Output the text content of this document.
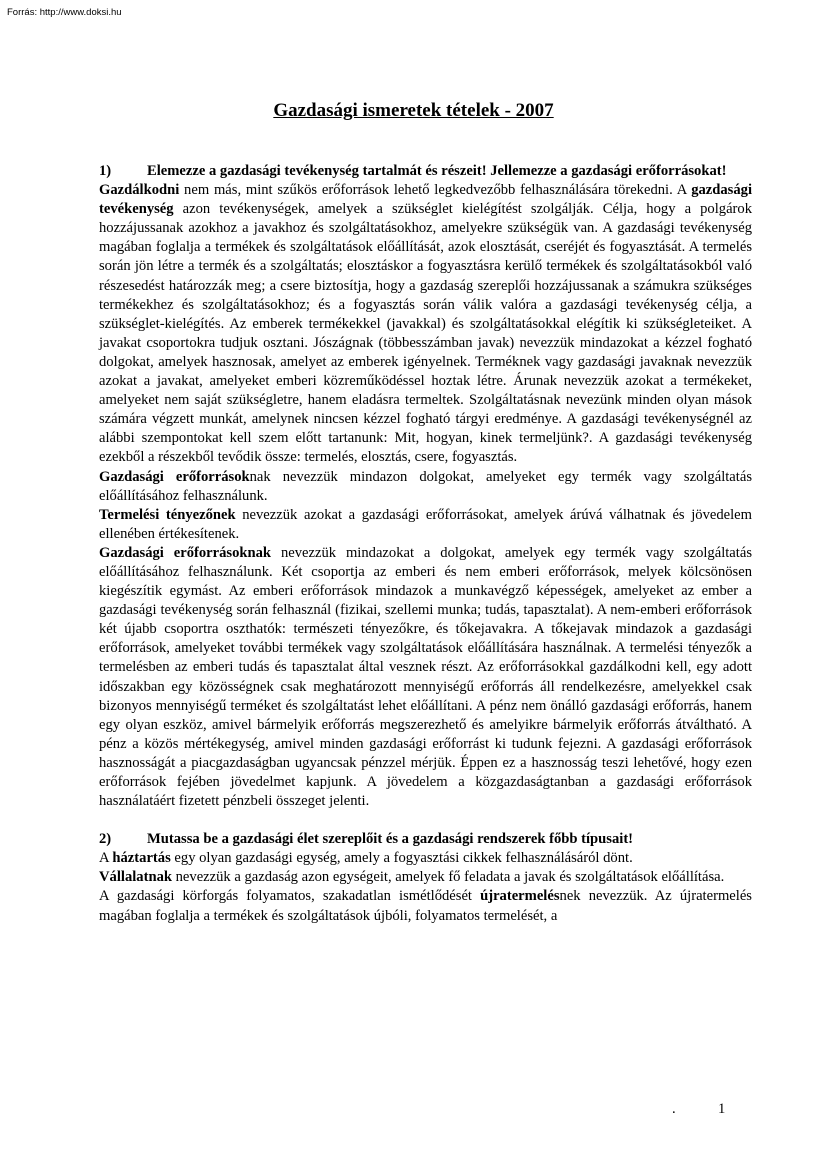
Forrás: http://www.doksi.hu
Gazdasági ismeretek tételek - 2007
1)	Elemezze a gazdasági tevékenység tartalmát és részeit! Jellemezze a gazdasági erőforrásokat!

Gazdálkodni nem más, mint szűkös erőforrások lehető legkedvezőbb felhasználására törekedni. A gazdasági tevékenység azon tevékenységek, amelyek a szükséglet kielégítést szolgálják. Célja, hogy a polgárok hozzájussanak azokhoz a javakhoz és szolgáltatásokhoz, amelyekre szükségük van. A gazdasági tevékenység magában foglalja a termékek és szolgáltatások előállítását, azok elosztását, cseréjét és fogyasztását. A termelés során jön létre a termék és a szolgáltatás; elosztáskor a fogyasztásra kerülő termékek és szolgáltatásokból való részesedést határozzák meg; a csere biztosítja, hogy a gazdaság szereplői hozzájussanak a számukra szükséges termékekhez és szolgáltatásokhoz; és a fogyasztás során válik valóra a gazdasági tevékenység célja, a szükséglet-kielégítés. Az emberek termékekkel (javakkal) és szolgáltatásokkal elégítik ki szükségleteiket. A javakat csoportokra tudjuk osztani. Jószágnak (többesszámban javak) nevezzük mindazokat a kézzel fogható dolgokat, amelyek hasznosak, amelyet az emberek igényelnek. Terméknek vagy gazdasági javaknak nevezzük azokat a javakat, amelyeket emberi közreműködéssel hoztak létre. Árunak nevezzük azokat a termékeket, amelyeket nem saját szükségletre, hanem eladásra termeltek. Szolgáltatásnak nevezünk minden olyan mások számára végzett munkát, amelynek nincsen kézzel fogható tárgyi eredménye. A gazdasági tevékenységnél az alábbi szempontokat kell szem előtt tartanunk: Mit, hogyan, kinek termeljünk?. A gazdasági tevékenység ezekből a részekből tevődik össze: termelés, elosztás, csere, fogyasztás.

Gazdasági erőforrásoknak nevezzük mindazon dolgokat, amelyeket egy termék vagy szolgáltatás előállításához felhasználunk.

Termelési tényezőnek nevezzük azokat a gazdasági erőforrásokat, amelyek árúvá válhatnak és jövedelem ellenében értékesítenek.

Gazdasági erőforrásoknak nevezzük mindazokat a dolgokat, amelyek egy termék vagy szolgáltatás előállításához felhasználunk. Két csoportja az emberi és nem emberi erőforrások, melyek kölcsönösen kiegészítik egymást. Az emberi erőforrások mindazok a munkavégző képességek, amelyeket az ember a gazdasági tevékenység során felhasznál (fizikai, szellemi munka; tudás, tapasztalat). A nem-emberi erőforrások két újabb csoportra oszthatók: természeti tényezőkre, és tőkejavakra. A tőkejavak mindazok a gazdasági erőforrások, amelyeket további termékek vagy szolgáltatások előállítására használnak. A termelési tényezők a termelésben az emberi tudás és tapasztalat által vesznek részt. Az erőforrásokkal gazdálkodni kell, egy adott időszakban egy közösségnek csak meghatározott mennyiségű erőforrás áll rendelkezésre, amelyekkel csak bizonyos mennyiségű terméket és szolgáltatást lehet előállítani. A pénz nem önálló gazdasági erőforrás, hanem egy olyan eszköz, amivel bármelyik erőforrás megszerezhető és amelyikre bármelyik erőforrás átváltható. A pénz a közös mértékegység, amivel minden gazdasági erőforrást ki tudunk fejezni. A gazdasági erőforrások hasznosságát a piacgazdaságban ugyancsak pénzzel mérjük. Éppen ez a hasznosság teszi lehetővé, hogy ezen erőforrások fejében jövedelmet kapjunk. A jövedelem a közgazdaságtanban a gazdasági erőforrások használatáért fizetett pénzbeli összeget jelenti.

2)	Mutassa be a gazdasági élet szereplőit és a gazdasági rendszerek főbb típusait!

A háztartás egy olyan gazdasági egység, amely a fogyasztási cikkek felhasználásáról dönt.

Vállalatnak nevezzük a gazdaság azon egységeit, amelyek fő feladata a javak és szolgáltatások előállítása.

A gazdasági körforgás folyamatos, szakadatlan ismétlődését újratermelésnek nevezzük. Az újratermelés magában foglalja a termékek és szolgáltatások újbóli, folyamatos termelését, a

.	1
